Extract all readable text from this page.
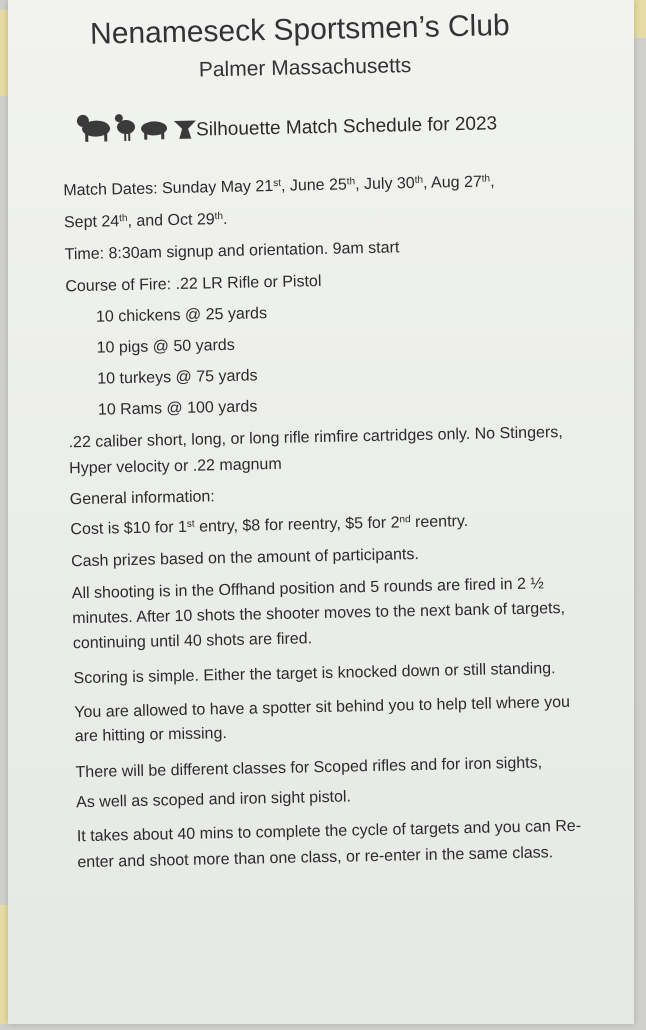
Nenameseck Sportsmen’s Club
Palmer Massachusetts
Silhouette Match Schedule for 2023
Match Dates: Sunday May 21st, June 25th, July 30th, Aug 27th,
Sept 24th, and Oct 29th.
Time: 8:30am signup and orientation. 9am start
Course of Fire: .22 LR Rifle or Pistol
10 chickens @ 25 yards
10 pigs @ 50 yards
10 turkeys @ 75 yards
10 Rams @ 100 yards
.22 caliber short, long, or long rifle rimfire cartridges only. No Stingers,
Hyper velocity or .22 magnum
General information:
Cost is $10 for 1st entry, $8 for reentry, $5 for 2nd reentry.
Cash prizes based on the amount of participants.
All shooting is in the Offhand position and 5 rounds are fired in 2 ½
minutes. After 10 shots the shooter moves to the next bank of targets,
continuing until 40 shots are fired.
Scoring is simple. Either the target is knocked down or still standing.
You are allowed to have a spotter sit behind you to help tell where you
are hitting or missing.
There will be different classes for Scoped rifles and for iron sights,
As well as scoped and iron sight pistol.
It takes about 40 mins to complete the cycle of targets and you can Re-
enter and shoot more than one class, or re-enter in the same class.
